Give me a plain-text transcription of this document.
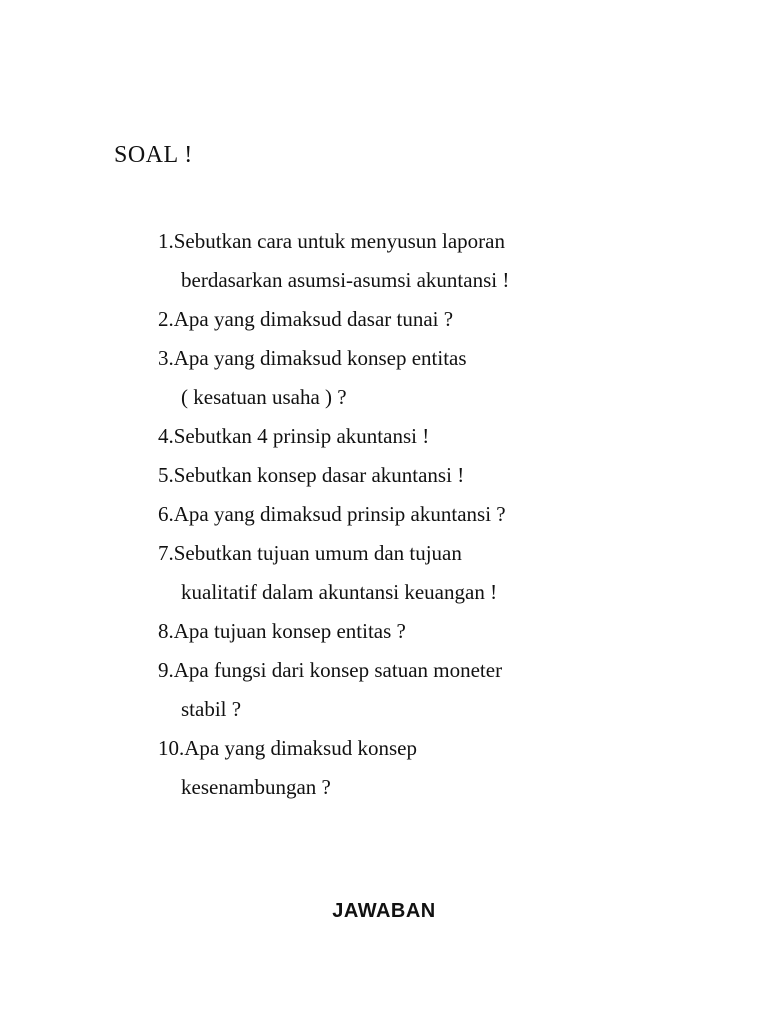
SOAL !
1.Sebutkan cara untuk menyusun laporan
berdasarkan asumsi-asumsi akuntansi !
2.Apa yang dimaksud dasar tunai ?
3.Apa yang dimaksud konsep entitas
( kesatuan usaha ) ?
4.Sebutkan 4 prinsip akuntansi !
5.Sebutkan konsep dasar akuntansi !
6.Apa yang dimaksud prinsip akuntansi ?
7.Sebutkan tujuan umum dan tujuan
kualitatif dalam akuntansi keuangan !
8.Apa tujuan konsep entitas ?
9.Apa fungsi dari konsep satuan moneter
stabil ?
10.Apa yang dimaksud konsep
kesenambungan ?
JAWABAN
